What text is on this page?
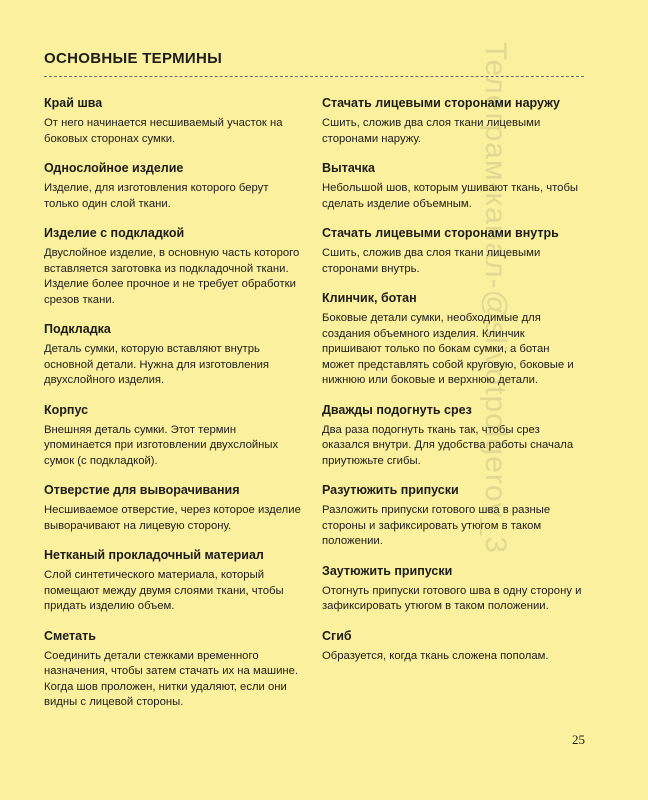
Телеграм-канал-@slivotpolgerov_3
ОСНОВНЫЕ ТЕРМИНЫ
Край шва
От него начинается несшиваемый участок на боковых сторонах сумки.
Однослойное изделие
Изделие, для изготовления которого берут только один слой ткани.
Изделие с подкладкой
Двуслойное изделие, в основную часть которого вставляется заготовка из подкладочной ткани. Изделие более прочное и не требует обработки срезов ткани.
Подкладка
Деталь сумки, которую вставляют внутрь основной детали. Нужна для изготовления двухслойного изделия.
Корпус
Внешняя деталь сумки. Этот термин упоминается при изготовлении двухслойных сумок (с подкладкой).
Отверстие для выворачивания
Несшиваемое отверстие, через которое изделие выворачивают на лицевую сторону.
Нетканый прокладочный материал
Слой синтетического материала, который помещают между двумя слоями ткани, чтобы придать изделию объем.
Сметать
Соединить детали стежками временного назначения, чтобы затем стачать их на машине. Когда шов проложен, нитки удаляют, если они видны с лицевой стороны.
Стачать лицевыми сторонами наружу
Сшить, сложив два слоя ткани лицевыми сторонами наружу.
Вытачка
Небольшой шов, которым ушивают ткань, чтобы сделать изделие объемным.
Стачать лицевыми сторонами внутрь
Сшить, сложив два слоя ткани лицевыми сторонами внутрь.
Клинчик, ботан
Боковые детали сумки, необходимые для создания объемного изделия. Клинчик пришивают только по бокам сумки, а ботан может представлять собой круговую, боковые и нижнюю или боковые и верхнюю детали.
Дважды подогнуть срез
Два раза подогнуть ткань так, чтобы срез оказался внутри. Для удобства работы сначала приутюжьте сгибы.
Разутюжить припуски
Разложить припуски готового шва в разные стороны и зафиксировать утюгом в таком положении.
Заутюжить припуски
Отогнуть припуски готового шва в одну сторону и зафиксировать утюгом в таком положении.
Сгиб
Образуется, когда ткань сложена пополам.
25
